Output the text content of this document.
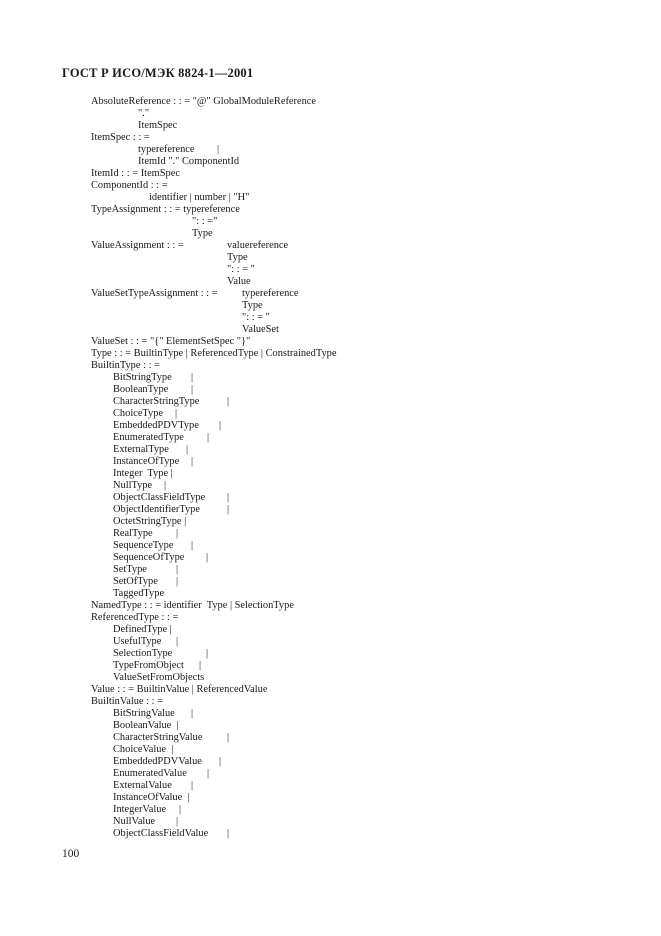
ГОСТ Р ИСО/МЭК 8824-1—2001
AbsoluteReference : : = "@" GlobalModuleReference
"."
ItemSpec
ItemSpec : : =
typereference |
ItemId "." ComponentId
ItemId : : = ItemSpec
ComponentId : : =
identifier | number | "Н"
TypeAssignment : : = typereference
": : ="
Type
ValueAssignment : : =	valuereference
Type
": : = "
Value
ValueSetTypeAssignment : : = typereference
Type
": : = "
ValueSet
ValueSet : : = "{" ElementSetSpec "}"
Type : : = BuiltinType | ReferencedType | ConstrainedType
BuiltinType : : =
BitStringType |
BooleanType |
CharacterStringType	|
ChoiceType |
EmbeddedPDVType |
EnumeratedType |
ExternalType |
InstanceOfType |
Integer  Type |
NullType |
ObjectClassFieldType |
ObjectIdentifierType	|
OctetStringType |
RealType |
SequenceType |
SequenceOfType |
SetType	|
SetOfType |
TaggedType
NamedType : : = identifier  Type | SelectionType
ReferencedType : : =
DefinedType |
UsefulType |
SelectionType	|
TypeFromObject |
ValueSetFromObjects
Value : : = BuiltinValue | ReferencedValue
BuiltinValue : : =
BitStringValue |
BooleanValue  |
CharacterStringValue |
ChoiceValue  |
EmbeddedPDVValue |
EnumeratedValue |
ExternalValue |
InstanceOfValue  |
IntegerValue |
NullValue |
ObjectClassFieldValue |
100
